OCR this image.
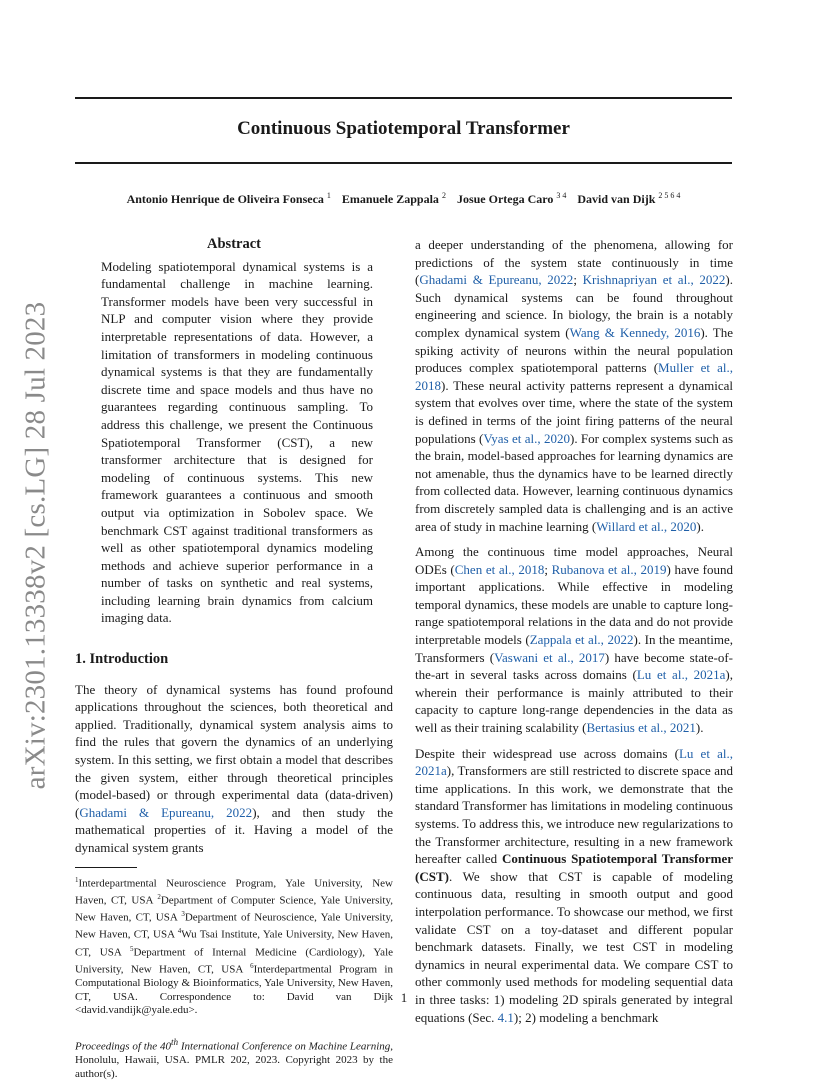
arXiv:2301.13338v2 [cs.LG] 28 Jul 2023
Continuous Spatiotemporal Transformer
Antonio Henrique de Oliveira Fonseca $^1$ Emanuele Zappala $^2$ Josue Ortega Caro $^{3 4}$ David van Dijk $^{2 5 6 4}$
Abstract

Modeling spatiotemporal dynamical systems is a fundamental challenge in machine learning. Transformer models have been very successful in NLP and computer vision where they provide interpretable representations of data. However, a limitation of transformers in modeling continuous dynamical systems is that they are fundamentally discrete time and space models and thus have no guarantees regarding continuous sampling. To address this challenge, we present the Continuous Spatiotemporal Transformer (CST), a new transformer architecture that is designed for modeling of continuous systems. This new framework guarantees a continuous and smooth output via optimization in Sobolev space. We benchmark CST against traditional transformers as well as other spatiotemporal dynamics modeling methods and achieve superior performance in a number of tasks on synthetic and real systems, including learning brain dynamics from calcium imaging data.

1. Introduction

The theory of dynamical systems has found profound applications throughout the sciences, both theoretical and applied. Traditionally, dynamical system analysis aims to find the rules that govern the dynamics of an underlying system. In this setting, we first obtain a model that describes the given system, either through theoretical principles (model-based) or through experimental data (data-driven) (Ghadami & Epureanu, 2022), and then study the mathematical properties of it. Having a model of the dynamical system grants

$^1$Interdepartmental Neuroscience Program, Yale University, New Haven, CT, USA $^2$Department of Computer Science, Yale University, New Haven, CT, USA $^3$Department of Neuroscience, Yale University, New Haven, CT, USA $^4$Wu Tsai Institute, Yale University, New Haven, CT, USA $^5$Department of Internal Medicine (Cardiology), Yale University, New Haven, CT, USA $^6$Interdepartmental Program in Computational Biology & Bioinformatics, Yale University, New Haven, CT, USA. Correspondence to: David van Dijk <david.vandijk@yale.edu>.

Proceedings of the 40th International Conference on Machine Learning, Honolulu, Hawaii, USA. PMLR 202, 2023. Copyright 2023 by the author(s).

a deeper understanding of the phenomena, allowing for predictions of the system state continuously in time (Ghadami & Epureanu, 2022; Krishnapriyan et al., 2022). Such dynamical systems can be found throughout engineering and science. In biology, the brain is a notably complex dynamical system (Wang & Kennedy, 2016). The spiking activity of neurons within the neural population produces complex spatiotemporal patterns (Muller et al., 2018). These neural activity patterns represent a dynamical system that evolves over time, where the state of the system is defined in terms of the joint firing patterns of the neural populations (Vyas et al., 2020). For complex systems such as the brain, model-based approaches for learning dynamics are not amenable, thus the dynamics have to be learned directly from collected data. However, learning continuous dynamics from discretely sampled data is challenging and is an active area of study in machine learning (Willard et al., 2020).

Among the continuous time model approaches, Neural ODEs (Chen et al., 2018; Rubanova et al., 2019) have found important applications. While effective in modeling temporal dynamics, these models are unable to capture long-range spatiotemporal relations in the data and do not provide interpretable models (Zappala et al., 2022). In the meantime, Transformers (Vaswani et al., 2017) have become state-of-the-art in several tasks across domains (Lu et al., 2021a), wherein their performance is mainly attributed to their capacity to capture long-range dependencies in the data as well as their training scalability (Bertasius et al., 2021).

Despite their widespread use across domains (Lu et al., 2021a), Transformers are still restricted to discrete space and time applications. In this work, we demonstrate that the standard Transformer has limitations in modeling continuous systems. To address this, we introduce new regularizations to the Transformer architecture, resulting in a new framework hereafter called Continuous Spatiotemporal Transformer (CST). We show that CST is capable of modeling continuous data, resulting in smooth output and good interpolation performance. To showcase our method, we first validate CST on a toy-dataset and different popular benchmark datasets. Finally, we test CST in modeling dynamics in neural experimental data. We compare CST to other commonly used methods for modeling sequential data in three tasks: 1) modeling 2D spirals generated by integral equations (Sec. 4.1); 2) modeling a benchmark

1
